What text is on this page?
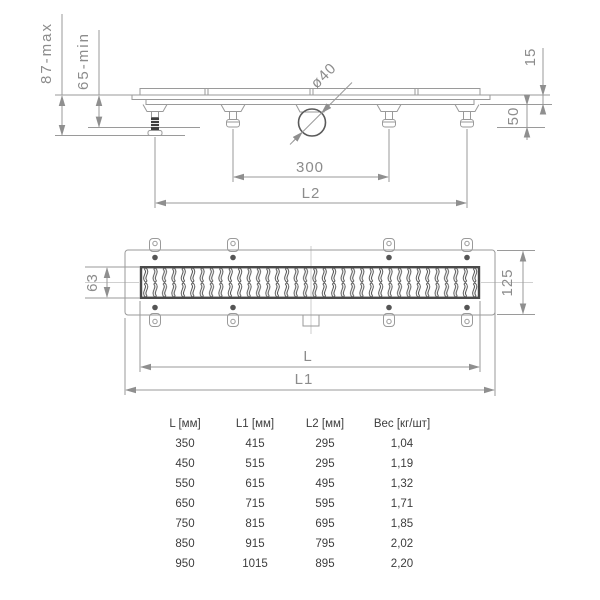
87-max 65-min	ø40
15
50
300
L2
63	125
L
L1
L [мм]	L1 [мм]	L2 [мм]	Вес [кг/шт]
350	415	295	1,04
450	515	295	1,19
550	615	495	1,32
650	715	595	1,71
750	815	695	1,85
850	915	795	2,02
950	1015	895	2,20
